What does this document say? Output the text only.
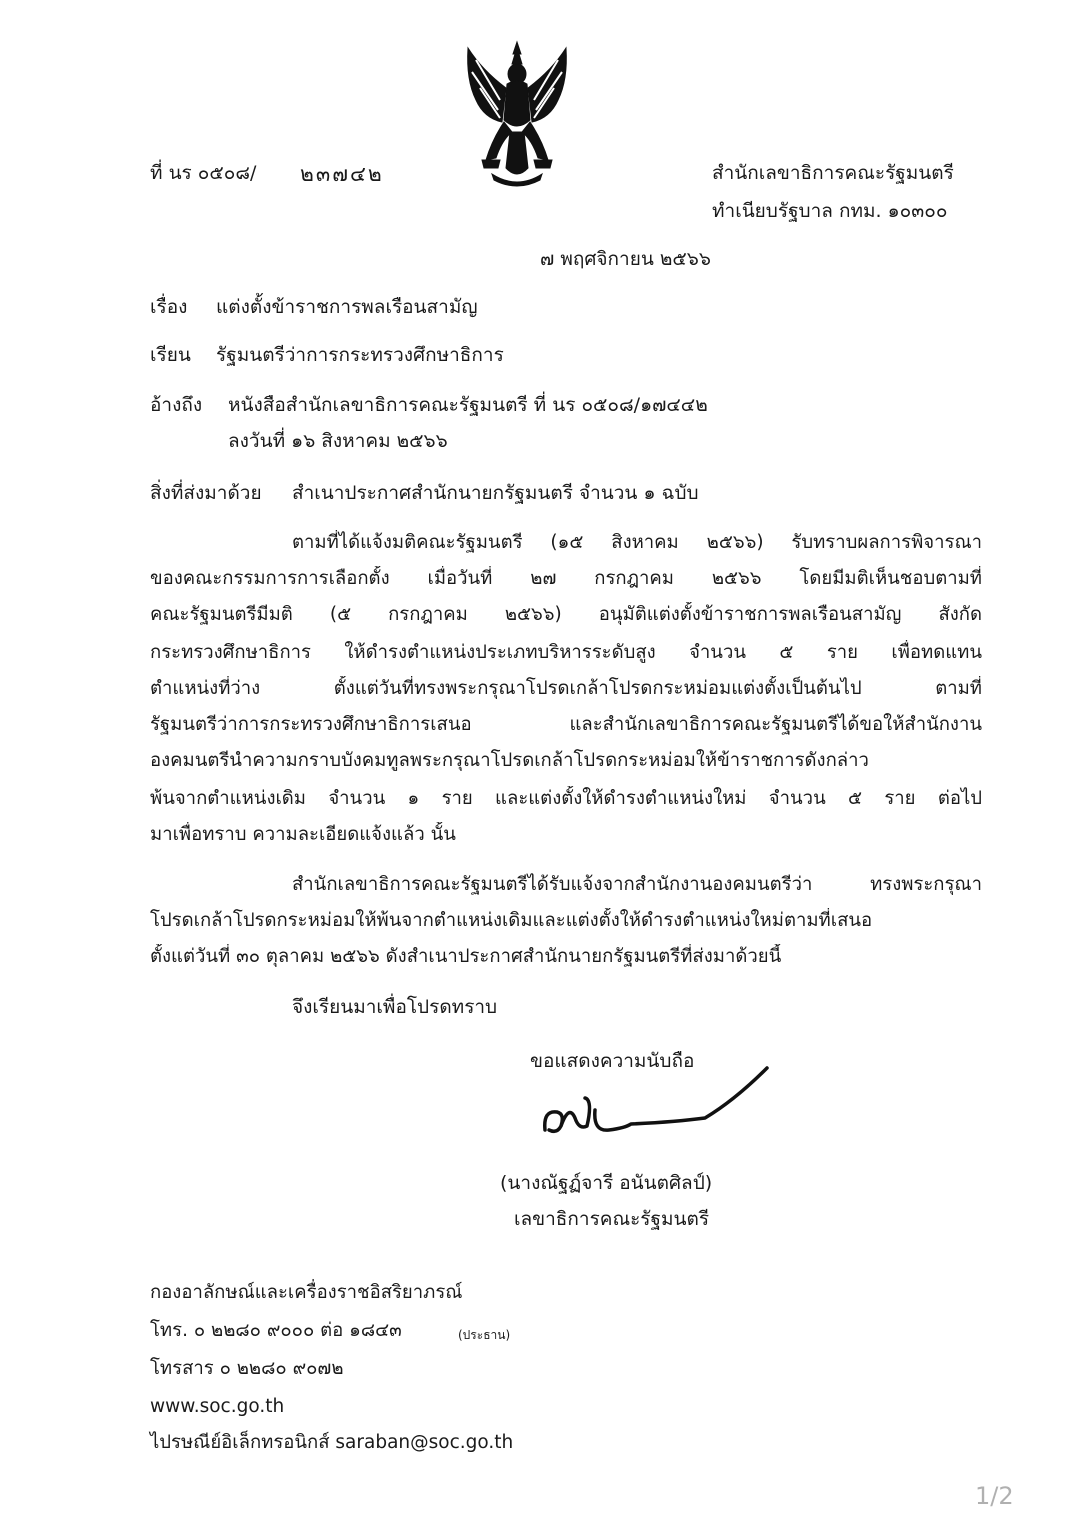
ที่ นร ๐๕๐๘/ ๒๓๗๔๒	สำนักเลขาธิการคณะรัฐมนตรี
ทำเนียบรัฐบาล กทม. ๑๐๓๐๐
๗ พฤศจิกายน ๒๕๖๖
เรื่อง แต่งตั้งข้าราชการพลเรือนสามัญ
เรียน รัฐมนตรีว่าการกระทรวงศึกษาธิการ
อ้างถึง หนังสือสำนักเลขาธิการคณะรัฐมนตรี ที่ นร ๐๕๐๘/๑๗๔๔๒
ลงวันที่ ๑๖ สิงหาคม ๒๕๖๖
สิ่งที่ส่งมาด้วย สำเนาประกาศสำนักนายกรัฐมนตรี จำนวน ๑ ฉบับ
ตามที่ได้แจ้งมติคณะรัฐมนตรี (๑๕ สิงหาคม ๒๕๖๖) รับทราบผลการพิจารณา
ของคณะกรรมการการเลือกตั้ง เมื่อวันที่ ๒๗ กรกฎาคม ๒๕๖๖ โดยมีมติเห็นชอบตามที่
คณะรัฐมนตรีมีมติ (๕ กรกฎาคม ๒๕๖๖) อนุมัติแต่งตั้งข้าราชการพลเรือนสามัญ สังกัด
กระทรวงศึกษาธิการ ให้ดำรงตำแหน่งประเภทบริหารระดับสูง จำนวน ๕ ราย เพื่อทดแทน
ตำแหน่งที่ว่าง ตั้งแต่วันที่ทรงพระกรุณาโปรดเกล้าโปรดกระหม่อมแต่งตั้งเป็นต้นไป ตามที่
รัฐมนตรีว่าการกระทรวงศึกษาธิการเสนอ และสำนักเลขาธิการคณะรัฐมนตรีได้ขอให้สำนักงาน
องคมนตรีนำความกราบบังคมทูลพระกรุณาโปรดเกล้าโปรดกระหม่อมให้ข้าราชการดังกล่าว
พ้นจากตำแหน่งเดิม จำนวน ๑ ราย และแต่งตั้งให้ดำรงตำแหน่งใหม่ จำนวน ๕ ราย ต่อไป
มาเพื่อทราบ ความละเอียดแจ้งแล้ว นั้น
สำนักเลขาธิการคณะรัฐมนตรีได้รับแจ้งจากสำนักงานองคมนตรีว่า ทรงพระกรุณา
โปรดเกล้าโปรดกระหม่อมให้พ้นจากตำแหน่งเดิมและแต่งตั้งให้ดำรงตำแหน่งใหม่ตามที่เสนอ
ตั้งแต่วันที่ ๓๐ ตุลาคม ๒๕๖๖ ดังสำเนาประกาศสำนักนายกรัฐมนตรีที่ส่งมาด้วยนี้
จึงเรียนมาเพื่อโปรดทราบ
ขอแสดงความนับถือ
(นางณัฐฏ์จารี อนันตศิลป์)
เลขาธิการคณะรัฐมนตรี
กองอาลักษณ์และเครื่องราชอิสริยาภรณ์
โทร. ๐ ๒๒๘๐ ๙๐๐๐ ต่อ ๑๘๔๓	(ประธาน)
โทรสาร ๐ ๒๒๘๐ ๙๐๗๒
www.soc.go.th
ไปรษณีย์อิเล็กทรอนิกส์ saraban@soc.go.th
1/2
